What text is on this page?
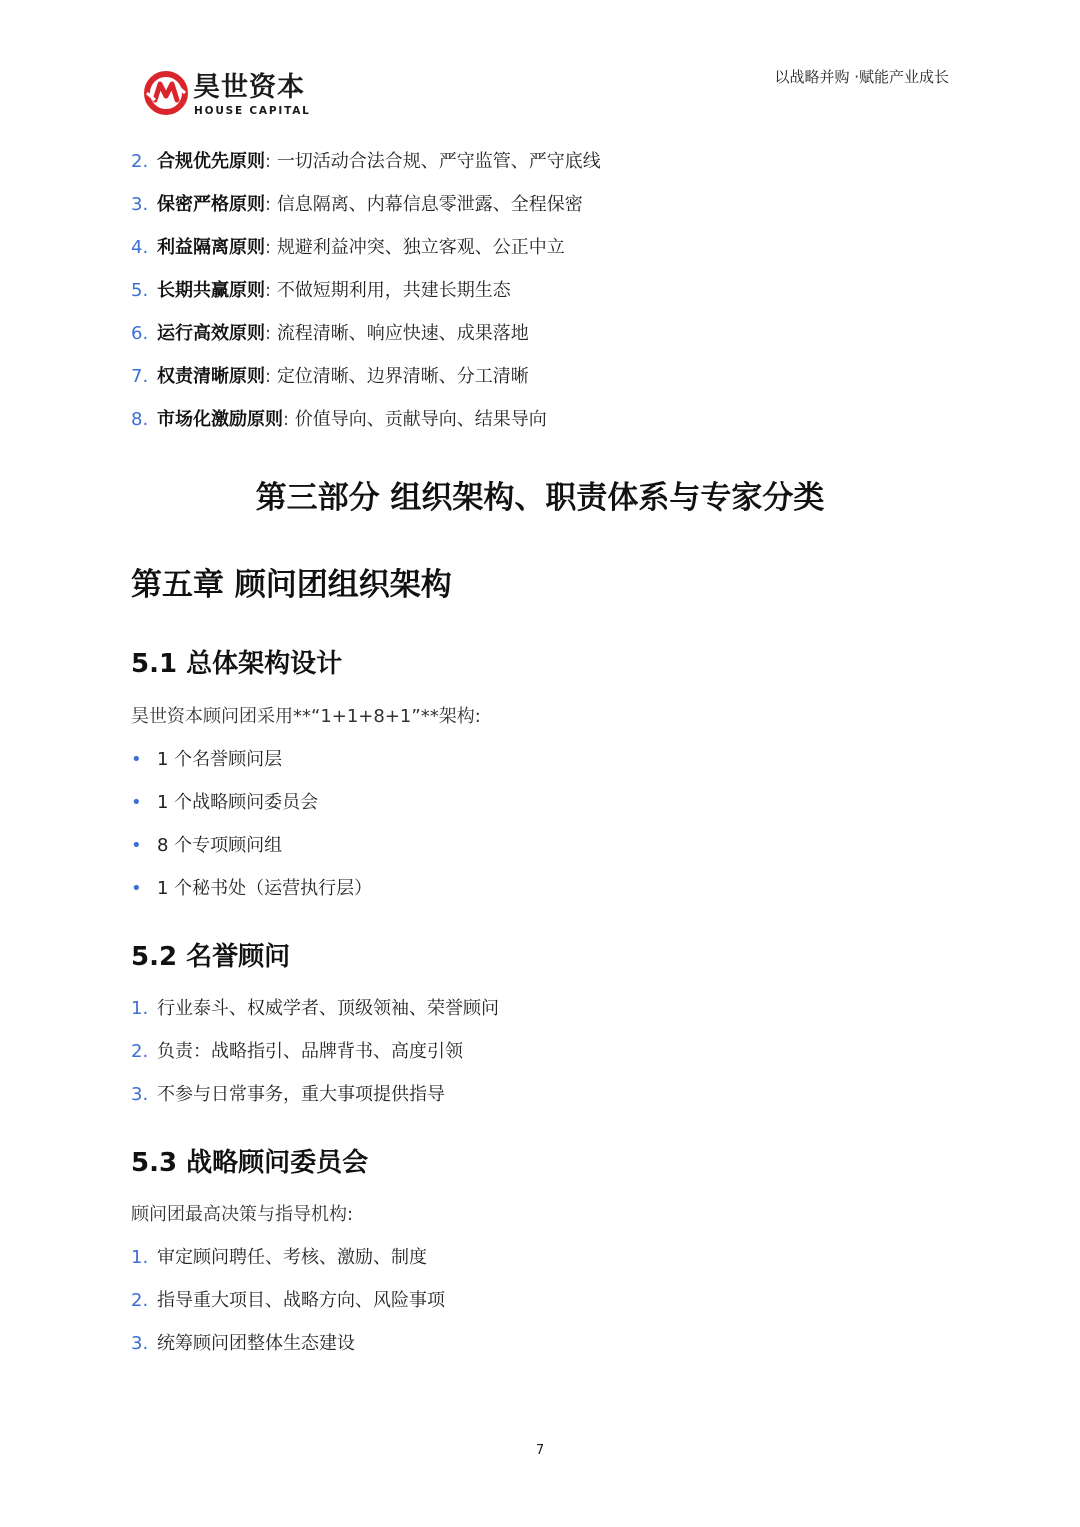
昊世资本
HOUSE CAPITAL
以战略并购 ·赋能产业成长
2. 合规优先原则: 一切活动合法合规、严守监管、严守底线
3. 保密严格原则: 信息隔离、内幕信息零泄露、全程保密
4. 利益隔离原则: 规避利益冲突、独立客观、公正中立
5. 长期共赢原则: 不做短期利用，共建长期生态
6. 运行高效原则: 流程清晰、响应快速、成果落地
7. 权责清晰原则: 定位清晰、边界清晰、分工清晰
8. 市场化激励原则: 价值导向、贡献导向、结果导向
第三部分 组织架构、职责体系与专家分类
第五章 顾问团组织架构
5.1 总体架构设计
昊世资本顾问团采用**“1+1+8+1”**架构:
• 1 个名誉顾问层
• 1 个战略顾问委员会
• 8 个专项顾问组
• 1 个秘书处（运营执行层）
5.2 名誉顾问
1. 行业泰斗、权威学者、顶级领袖、荣誉顾问
2. 负责：战略指引、品牌背书、高度引领
3. 不参与日常事务，重大事项提供指导
5.3 战略顾问委员会
顾问团最高决策与指导机构:
1. 审定顾问聘任、考核、激励、制度
2. 指导重大项目、战略方向、风险事项
3. 统筹顾问团整体生态建设
7
